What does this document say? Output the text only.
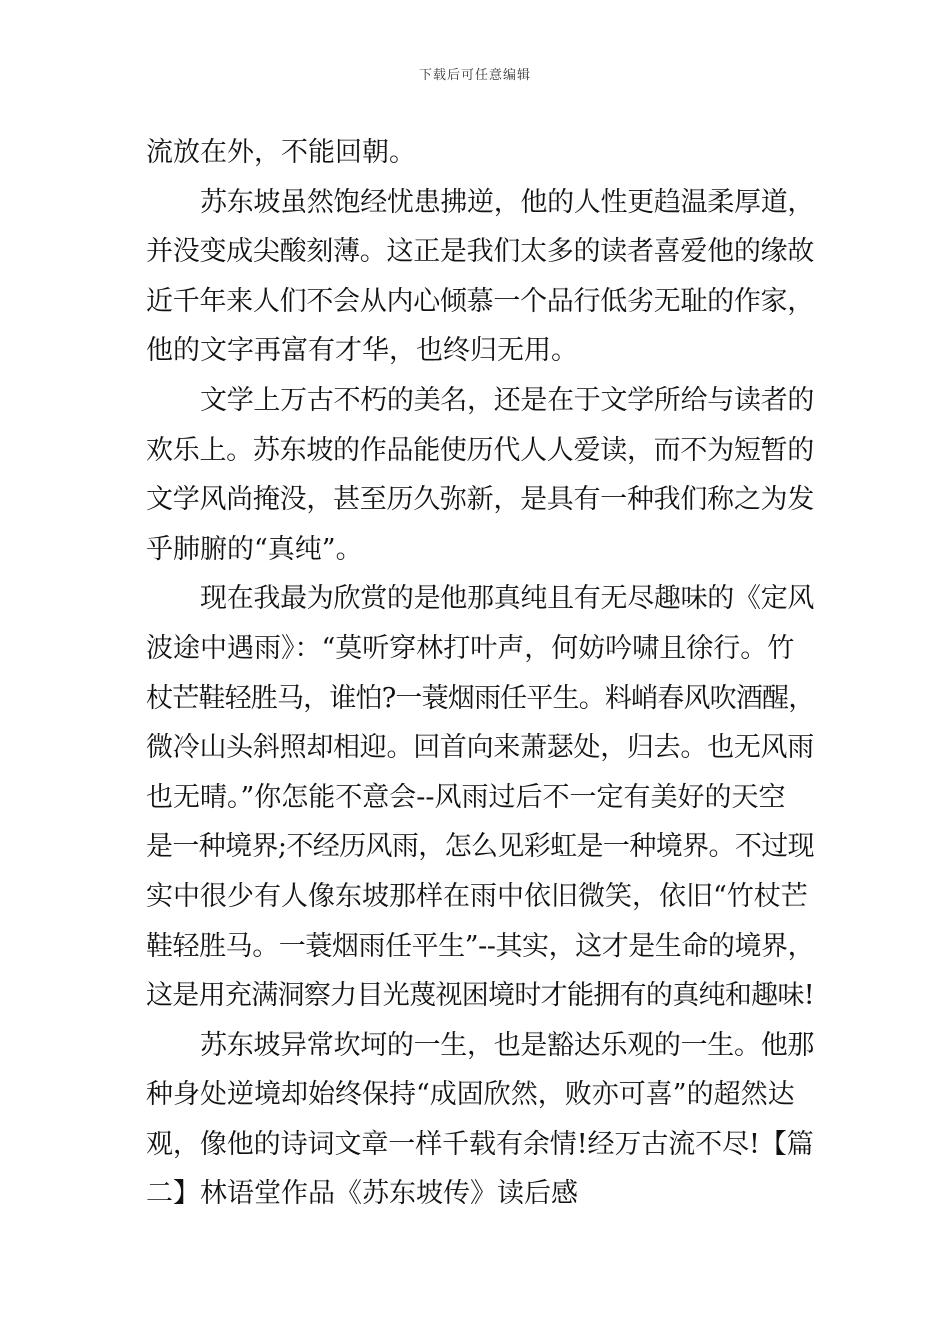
下载后可任意编辑
流放在外，不能回朝。
苏东坡虽然饱经忧患拂逆，他的人性更趋温柔厚道，
并没变成尖酸刻薄。这正是我们太多的读者喜爱他的缘故
近千年来人们不会从内心倾慕一个品行低劣无耻的作家，
他的文字再富有才华，也终归无用。
文学上万古不朽的美名，还是在于文学所给与读者的
欢乐上。苏东坡的作品能使历代人人爱读，而不为短暂的
文学风尚掩没，甚至历久弥新，是具有一种我们称之为发
乎肺腑的“真纯”。
现在我最为欣赏的是他那真纯且有无尽趣味的《定风
波途中遇雨》：“莫听穿林打叶声，何妨吟啸且徐行。竹
杖芒鞋轻胜马，谁怕?一蓑烟雨任平生。料峭春风吹酒醒，
微冷山头斜照却相迎。回首向来萧瑟处，归去。也无风雨
也无晴。”你怎能不意会--风雨过后不一定有美好的天空
是一种境界;不经历风雨，怎么见彩虹是一种境界。不过现
实中很少有人像东坡那样在雨中依旧微笑，依旧“竹杖芒
鞋轻胜马。一蓑烟雨任平生”--其实，这才是生命的境界，
这是用充满洞察力目光蔑视困境时才能拥有的真纯和趣味!
苏东坡异常坎坷的一生，也是豁达乐观的一生。他那
种身处逆境却始终保持“成固欣然，败亦可喜”的超然达
观，像他的诗词文章一样千载有余情!经万古流不尽!【篇
二】林语堂作品《苏东坡传》读后感
